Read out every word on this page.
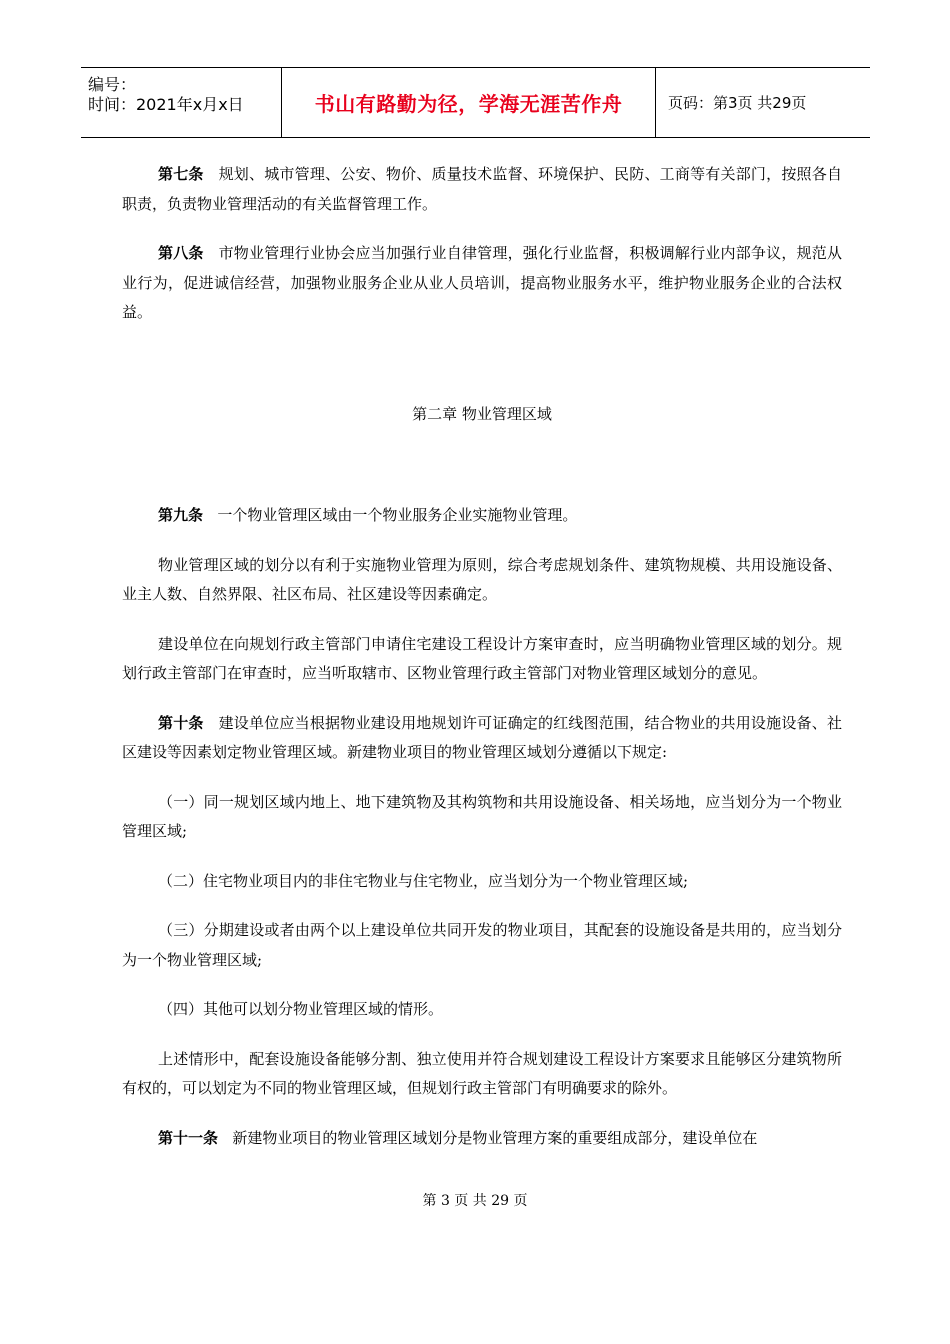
编号：
时间：2021年x月x日	书山有路勤为径，学海无涯苦作舟	页码：第3页 共29页

第七条 规划、城市管理、公安、物价、质量技术监督、环境保护、民防、工商等有关部门，按照各自职责，负责物业管理活动的有关监督管理工作。

第八条 市物业管理行业协会应当加强行业自律管理，强化行业监督，积极调解行业内部争议，规范从业行为，促进诚信经营，加强物业服务企业从业人员培训，提高物业服务水平，维护物业服务企业的合法权益。

第二章 物业管理区域

第九条 一个物业管理区域由一个物业服务企业实施物业管理。

物业管理区域的划分以有利于实施物业管理为原则，综合考虑规划条件、建筑物规模、共用设施设备、业主人数、自然界限、社区布局、社区建设等因素确定。

建设单位在向规划行政主管部门申请住宅建设工程设计方案审查时，应当明确物业管理区域的划分。规划行政主管部门在审查时，应当听取辖市、区物业管理行政主管部门对物业管理区域划分的意见。

第十条 建设单位应当根据物业建设用地规划许可证确定的红线图范围，结合物业的共用设施设备、社区建设等因素划定物业管理区域。新建物业项目的物业管理区域划分遵循以下规定:

（一）同一规划区域内地上、地下建筑物及其构筑物和共用设施设备、相关场地，应当划分为一个物业管理区域;

（二）住宅物业项目内的非住宅物业与住宅物业，应当划分为一个物业管理区域;

（三）分期建设或者由两个以上建设单位共同开发的物业项目，其配套的设施设备是共用的，应当划分为一个物业管理区域;

（四）其他可以划分物业管理区域的情形。

上述情形中，配套设施设备能够分割、独立使用并符合规划建设工程设计方案要求且能够区分建筑物所有权的，可以划定为不同的物业管理区域，但规划行政主管部门有明确要求的除外。

第十一条 新建物业项目的物业管理区域划分是物业管理方案的重要组成部分，建设单位在

第 3 页 共 29 页
